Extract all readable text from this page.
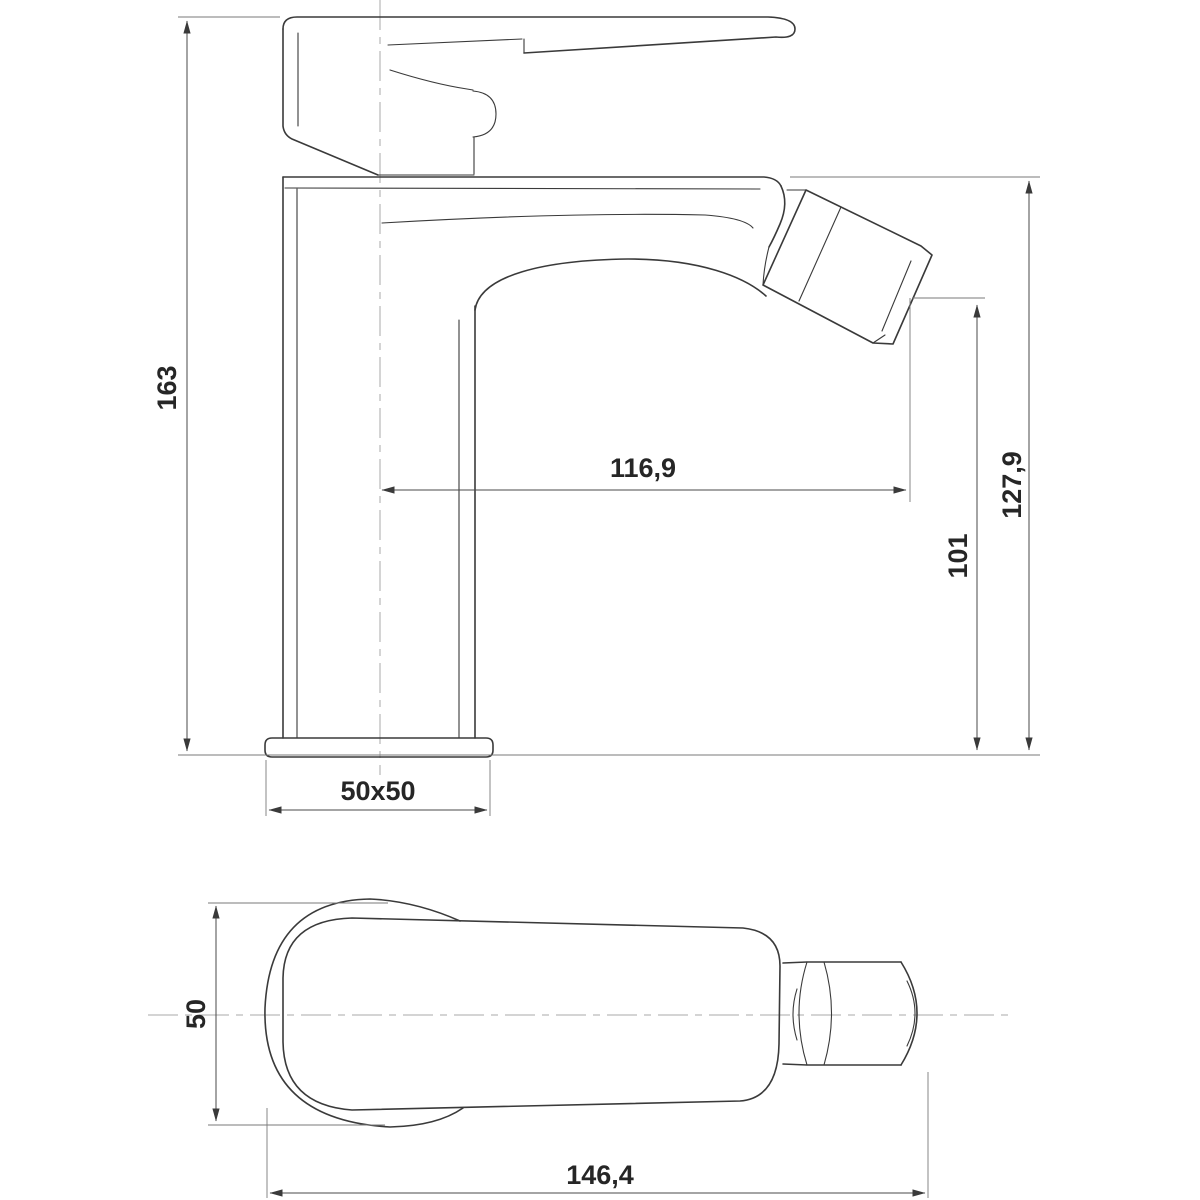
163
116,9
101
127,9
50x50
50
146,4
